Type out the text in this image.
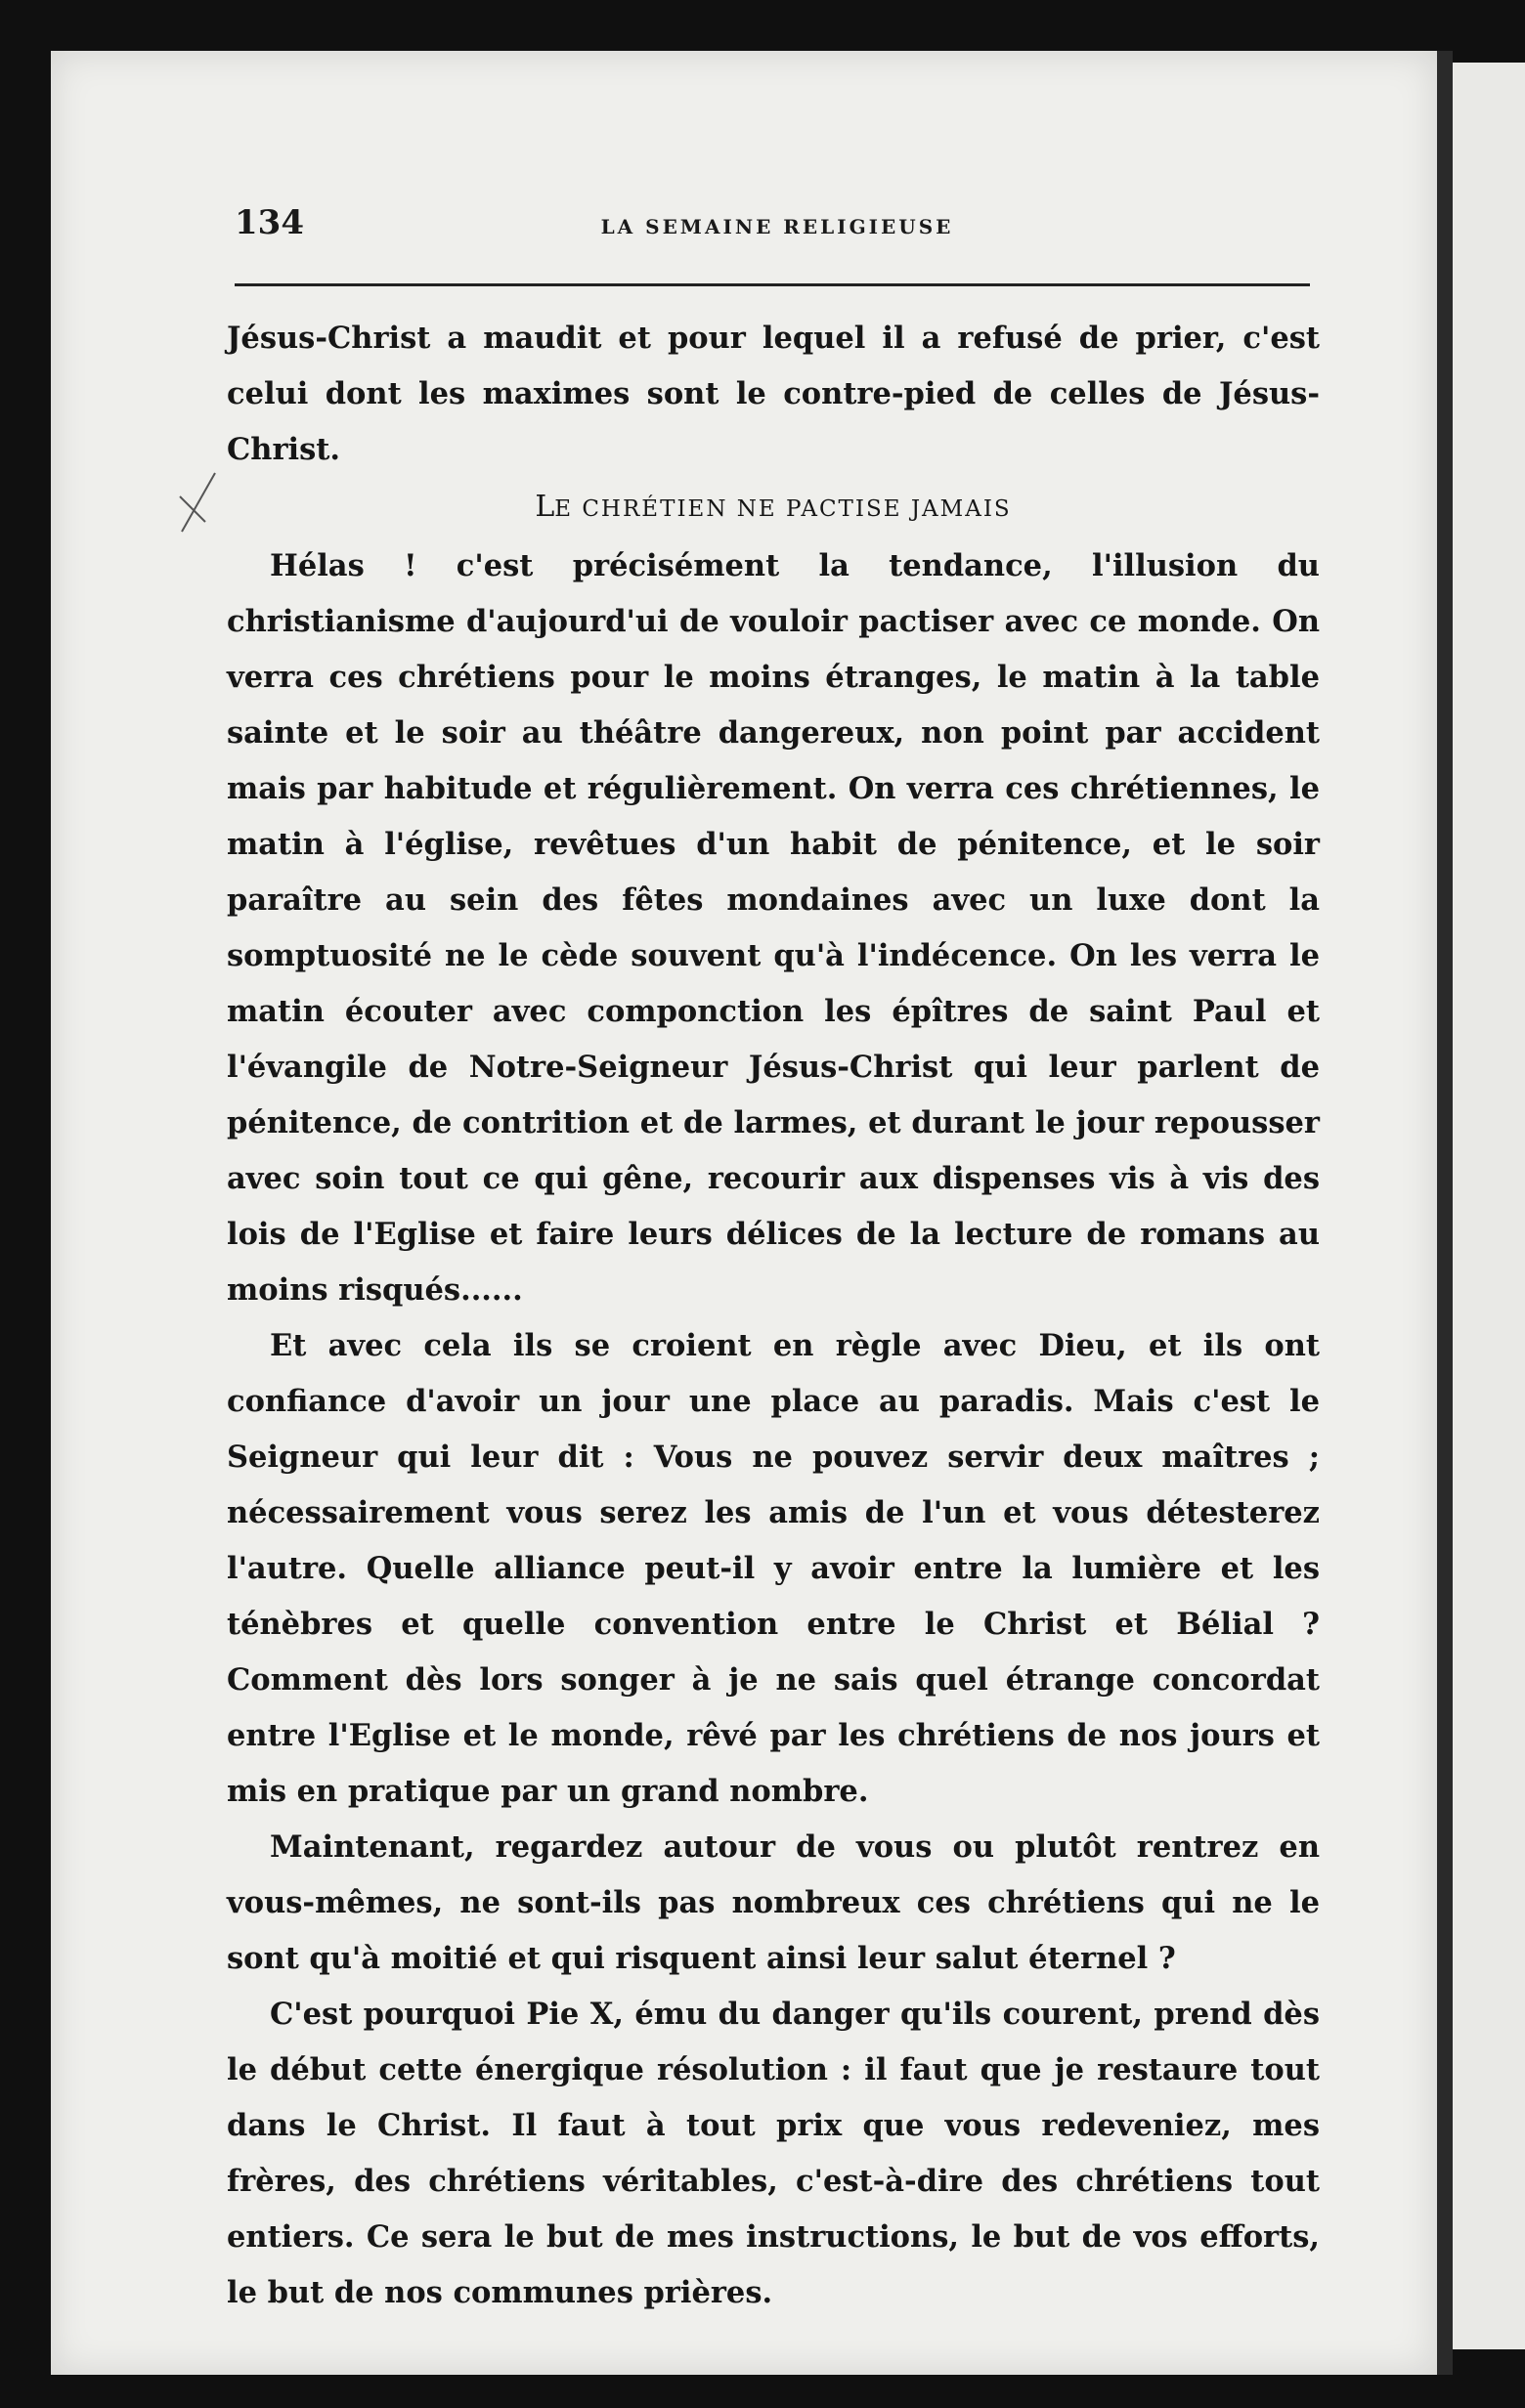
134	LA SEMAINE RELIGIEUSE

Jésus-Christ a maudit et pour lequel il a refusé de prier, c'est celui dont les maximes sont le contre-pied de celles de Jésus-Christ.

LE CHRÉTIEN NE PACTISE JAMAIS

Hélas ! c'est précisément la tendance, l'illusion du christianisme d'aujourd'ui de vouloir pactiser avec ce monde. On verra ces chrétiens pour le moins étranges, le matin à la table sainte et le soir au théâtre dangereux, non point par accident mais par habitude et régulièrement. On verra ces chrétiennes, le matin à l'église, revêtues d'un habit de pénitence, et le soir paraître au sein des fêtes mondaines avec un luxe dont la somptuosité ne le cède souvent qu'à l'indécence. On les verra le matin écouter avec componction les épîtres de saint Paul et l'évangile de Notre-Seigneur Jésus-Christ qui leur parlent de pénitence, de contrition et de larmes, et durant le jour repousser avec soin tout ce qui gêne, recourir aux dispenses vis à vis des lois de l'Eglise et faire leurs délices de la lecture de romans au moins risqués......

Et avec cela ils se croient en règle avec Dieu, et ils ont confiance d'avoir un jour une place au paradis. Mais c'est le Seigneur qui leur dit : Vous ne pouvez servir deux maîtres ; nécessairement vous serez les amis de l'un et vous détesterez l'autre. Quelle alliance peut-il y avoir entre la lumière et les ténèbres et quelle convention entre le Christ et Bélial ? Comment dès lors songer à je ne sais quel étrange concordat entre l'Eglise et le monde, rêvé par les chrétiens de nos jours et mis en pratique par un grand nombre.

Maintenant, regardez autour de vous ou plutôt rentrez en vous-mêmes, ne sont-ils pas nombreux ces chrétiens qui ne le sont qu'à moitié et qui risquent ainsi leur salut éternel ?

C'est pourquoi Pie X, ému du danger qu'ils courent, prend dès le début cette énergique résolution : il faut que je restaure tout dans le Christ. Il faut à tout prix que vous redeveniez, mes frères, des chrétiens véritables, c'est-à-dire des chrétiens tout entiers. Ce sera le but de mes instructions, le but de vos efforts, le but de nos communes prières.
